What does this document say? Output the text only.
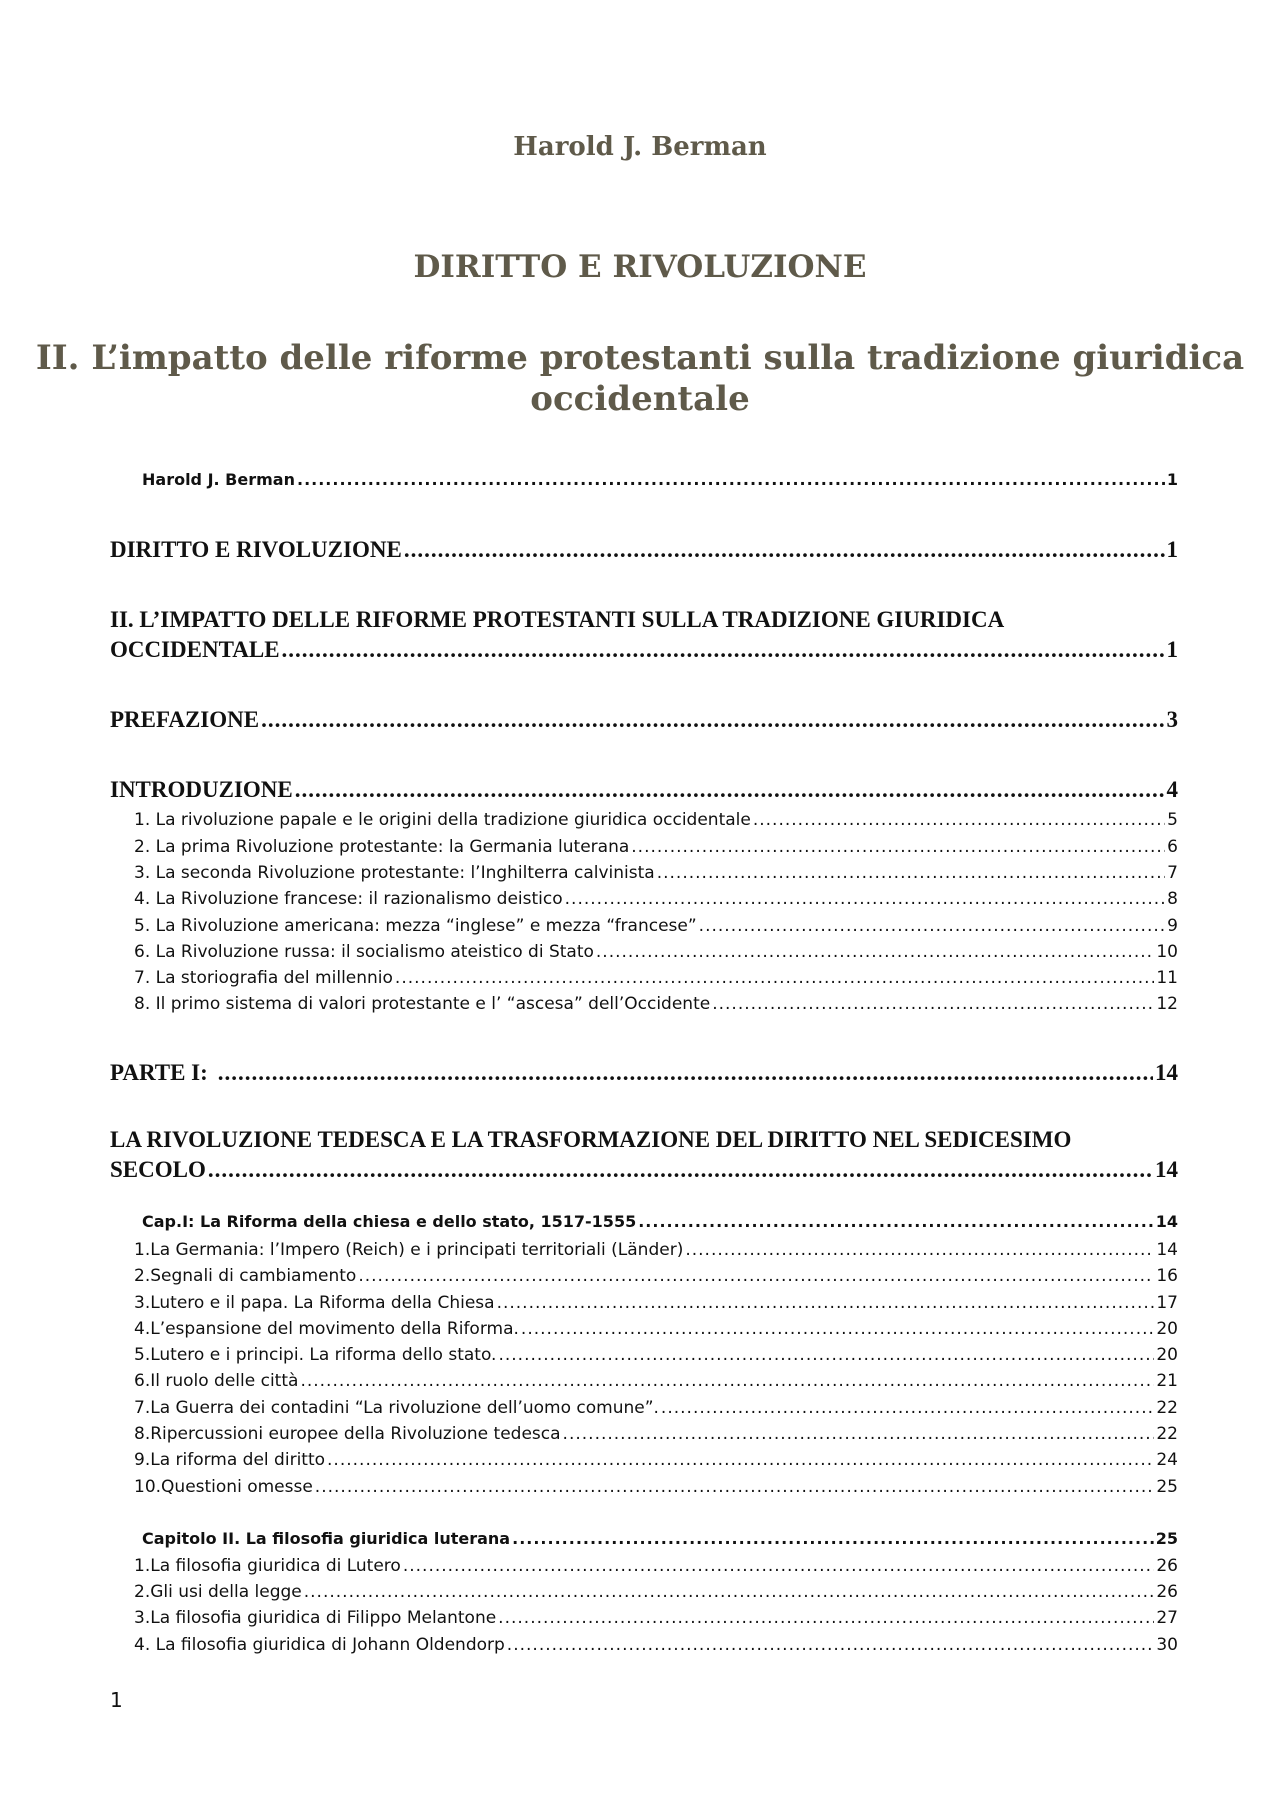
Harold J. Berman
DIRITTO E RIVOLUZIONE
II. L’impatto delle riforme protestanti sulla tradizione giuridica occidentale
Harold J. Berman .....	1
DIRITTO E RIVOLUZIONE .....	1
II. L’IMPATTO DELLE RIFORME PROTESTANTI SULLA TRADIZIONE GIURIDICA
OCCIDENTALE .....	1
PREFAZIONE .....	3
INTRODUZIONE .....	4
1. La rivoluzione papale e le origini della tradizione giuridica occidentale .....	5
2. La prima Rivoluzione protestante: la Germania luterana .....	6
3. La seconda Rivoluzione protestante: l’Inghilterra calvinista .....	7
4. La Rivoluzione francese: il razionalismo deistico .....	8
5. La Rivoluzione americana: mezza “inglese” e mezza “francese” .....	9
6. La Rivoluzione russa: il socialismo ateistico di Stato .....	10
7. La storiografia del millennio .....	11
8. Il primo sistema di valori protestante e l’ “ascesa” dell’Occidente .....	12
PARTE I: .....	14
LA RIVOLUZIONE TEDESCA E LA TRASFORMAZIONE DEL DIRITTO NEL SEDICESIMO
SECOLO .....	14
Cap.I: La Riforma della chiesa e dello stato, 1517-1555 .....	14
1.La Germania: l’Impero (Reich) e i principati territoriali (Länder) .....	14
2.Segnali di cambiamento .....	16
3.Lutero e il papa. La Riforma della Chiesa .....	17
4.L’espansione del movimento della Riforma. .....	20
5.Lutero e i principi. La riforma dello stato. .....	20
6.Il ruolo delle città .....	21
7.La Guerra dei contadini “La rivoluzione dell’uomo comune”. .....	22
8.Ripercussioni europee della Rivoluzione tedesca .....	22
9.La riforma del diritto .....	24
10.Questioni omesse .....	25
Capitolo II. La filosofia giuridica luterana .....	25
1.La filosofia giuridica di Lutero .....	26
2.Gli usi della legge .....	26
3.La filosofia giuridica di Filippo Melantone .....	27
4. La filosofia giuridica di Johann Oldendorp .....	30
1
